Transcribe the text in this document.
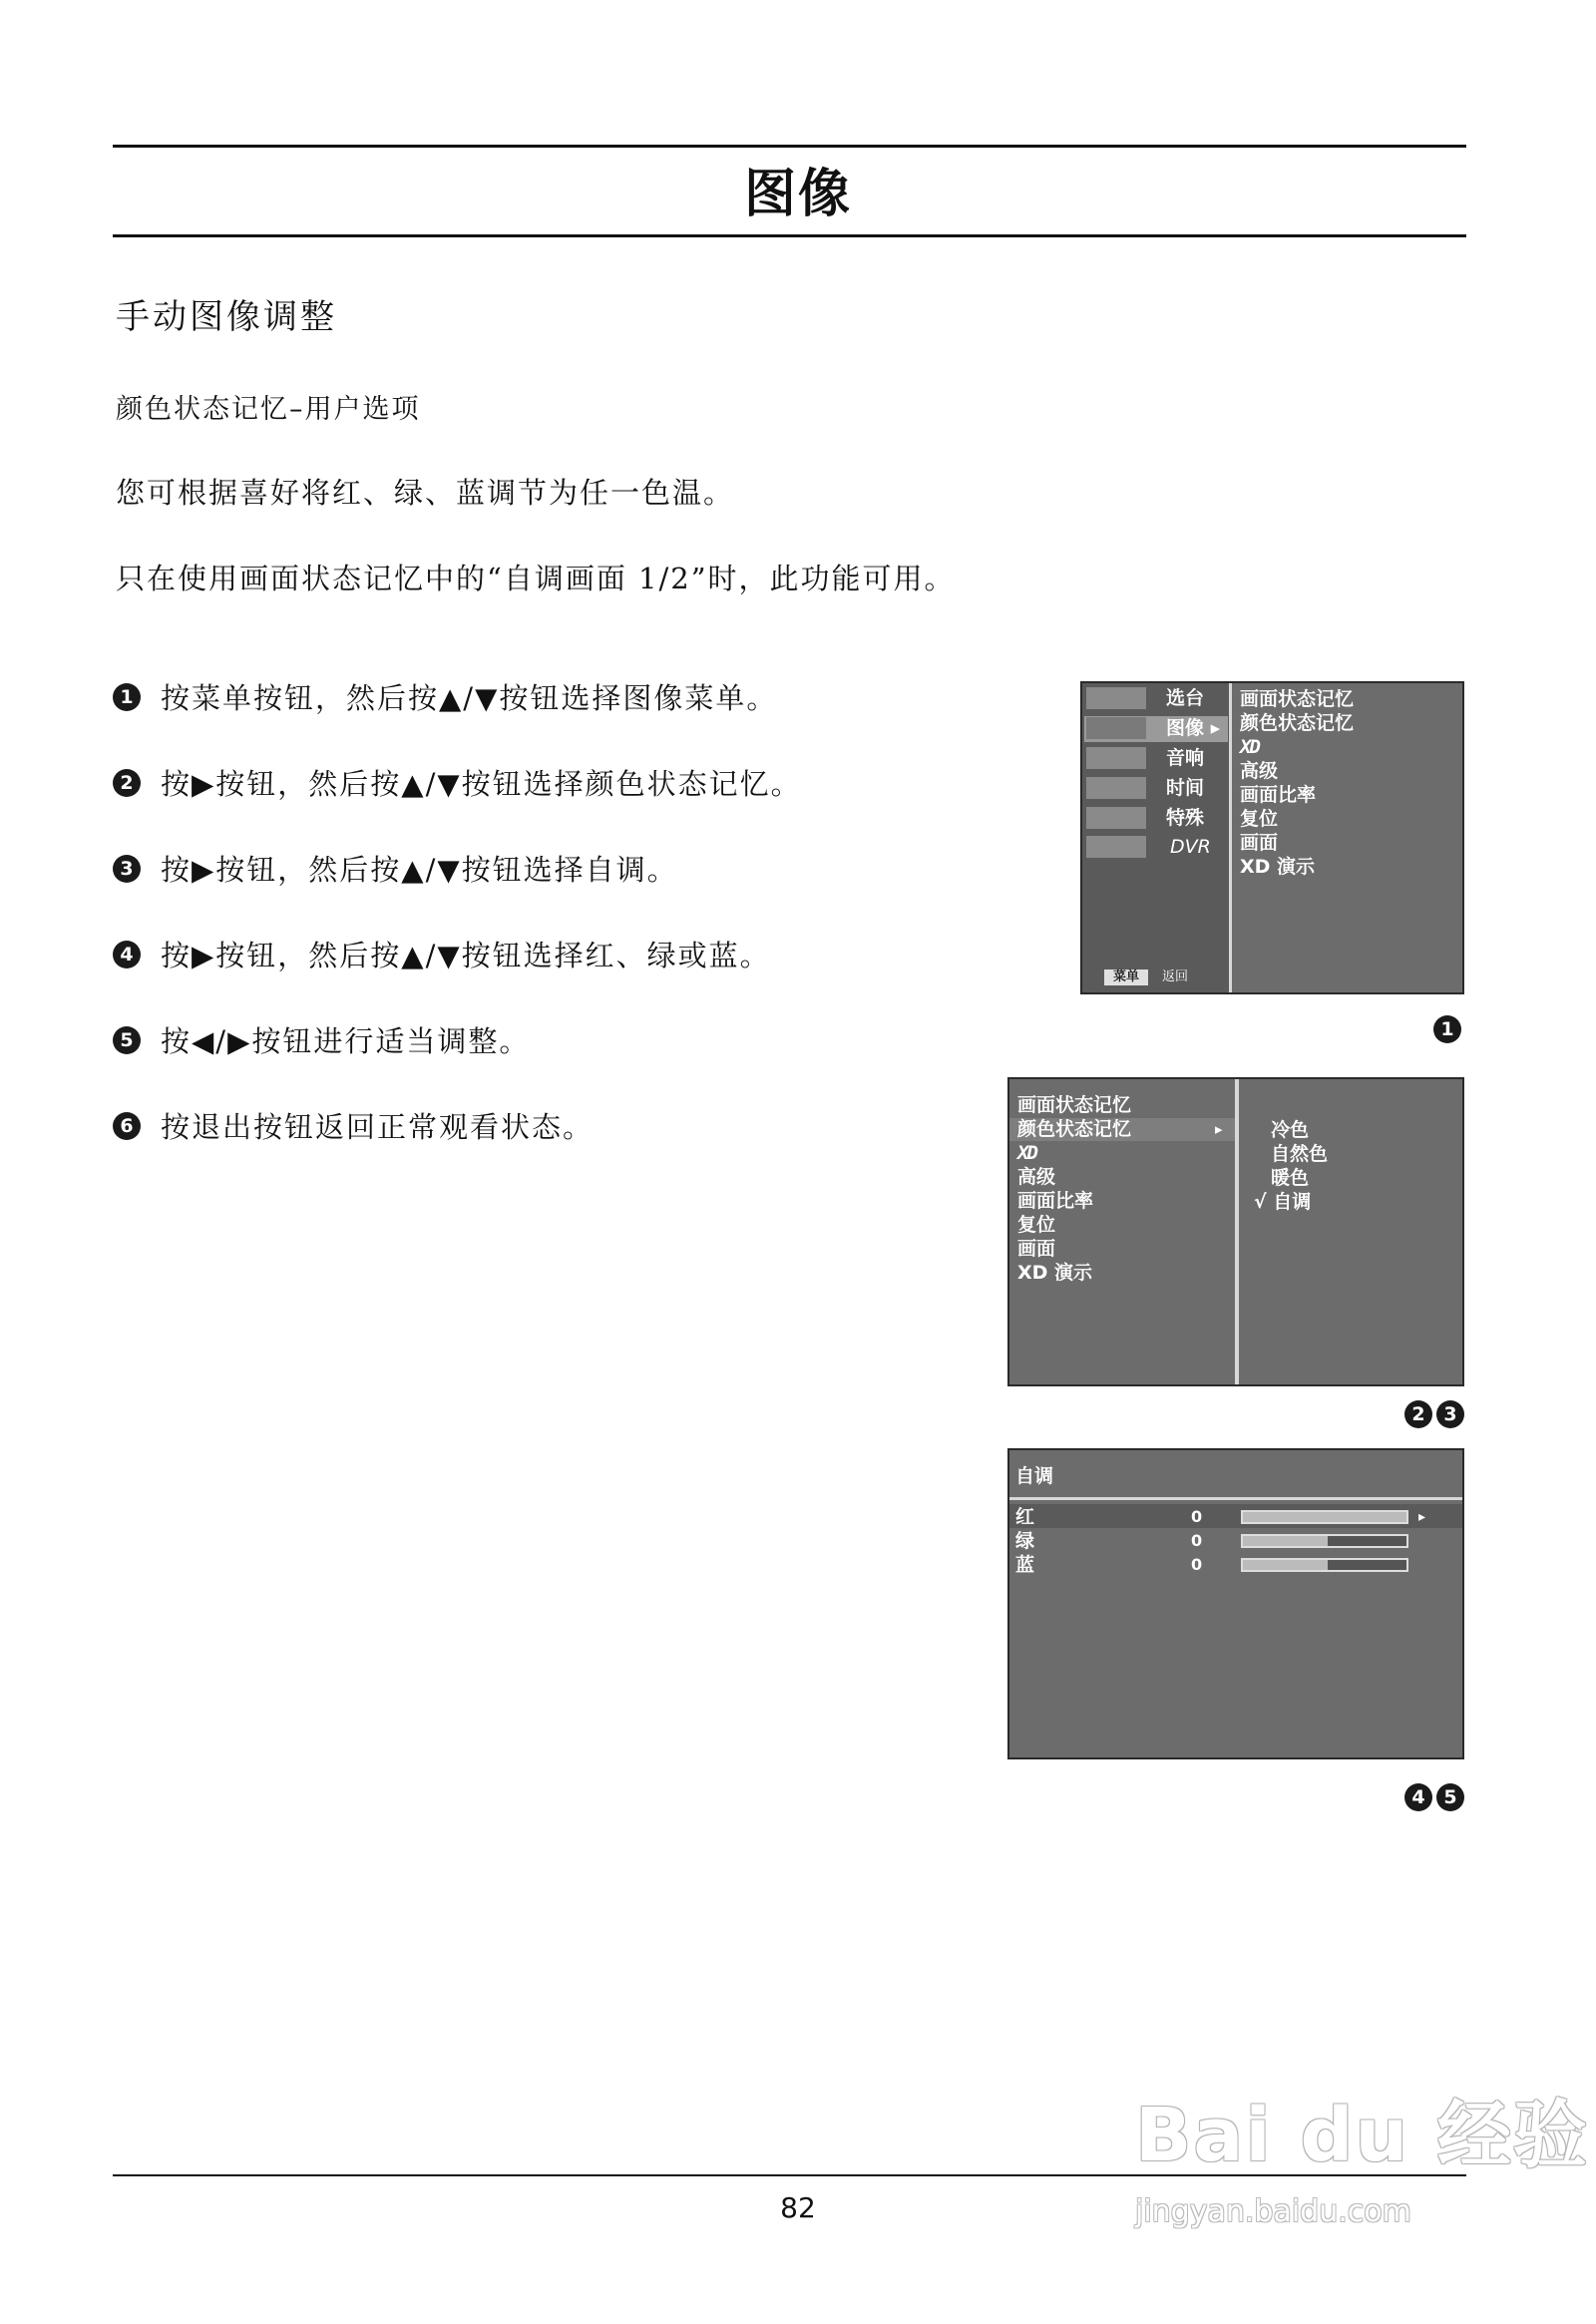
图像
手动图像调整
颜色状态记忆–用户选项
您可根据喜好将红、绿、蓝调节为任一色温。
只在使用画面状态记忆中的“自调画面 1/2”时，此功能可用。
1 按菜单按钮，然后按▲/▼按钮选择图像菜单。
2 按▶按钮，然后按▲/▼按钮选择颜色状态记忆。
3 按▶按钮，然后按▲/▼按钮选择自调。
4 按▶按钮，然后按▲/▼按钮选择红、绿或蓝。
5 按◀/▶按钮进行适当调整。
6 按退出按钮返回正常观看状态。
选台
图像 ▸
音响
时间
特殊
DVR
菜单	返回
画面状态记忆
颜色状态记忆
XD
高级
画面比率
复位
画面
XD 演示
1
画面状态记忆
颜色状态记忆	▸
XD
高级
画面比率
复位
画面
XD 演示
冷色
自然色
暖色
√ 自调
2 3
自调
红	0	▸
绿	0
蓝	0
4 5
82
Bai du 经验
jingyan.baidu.com
